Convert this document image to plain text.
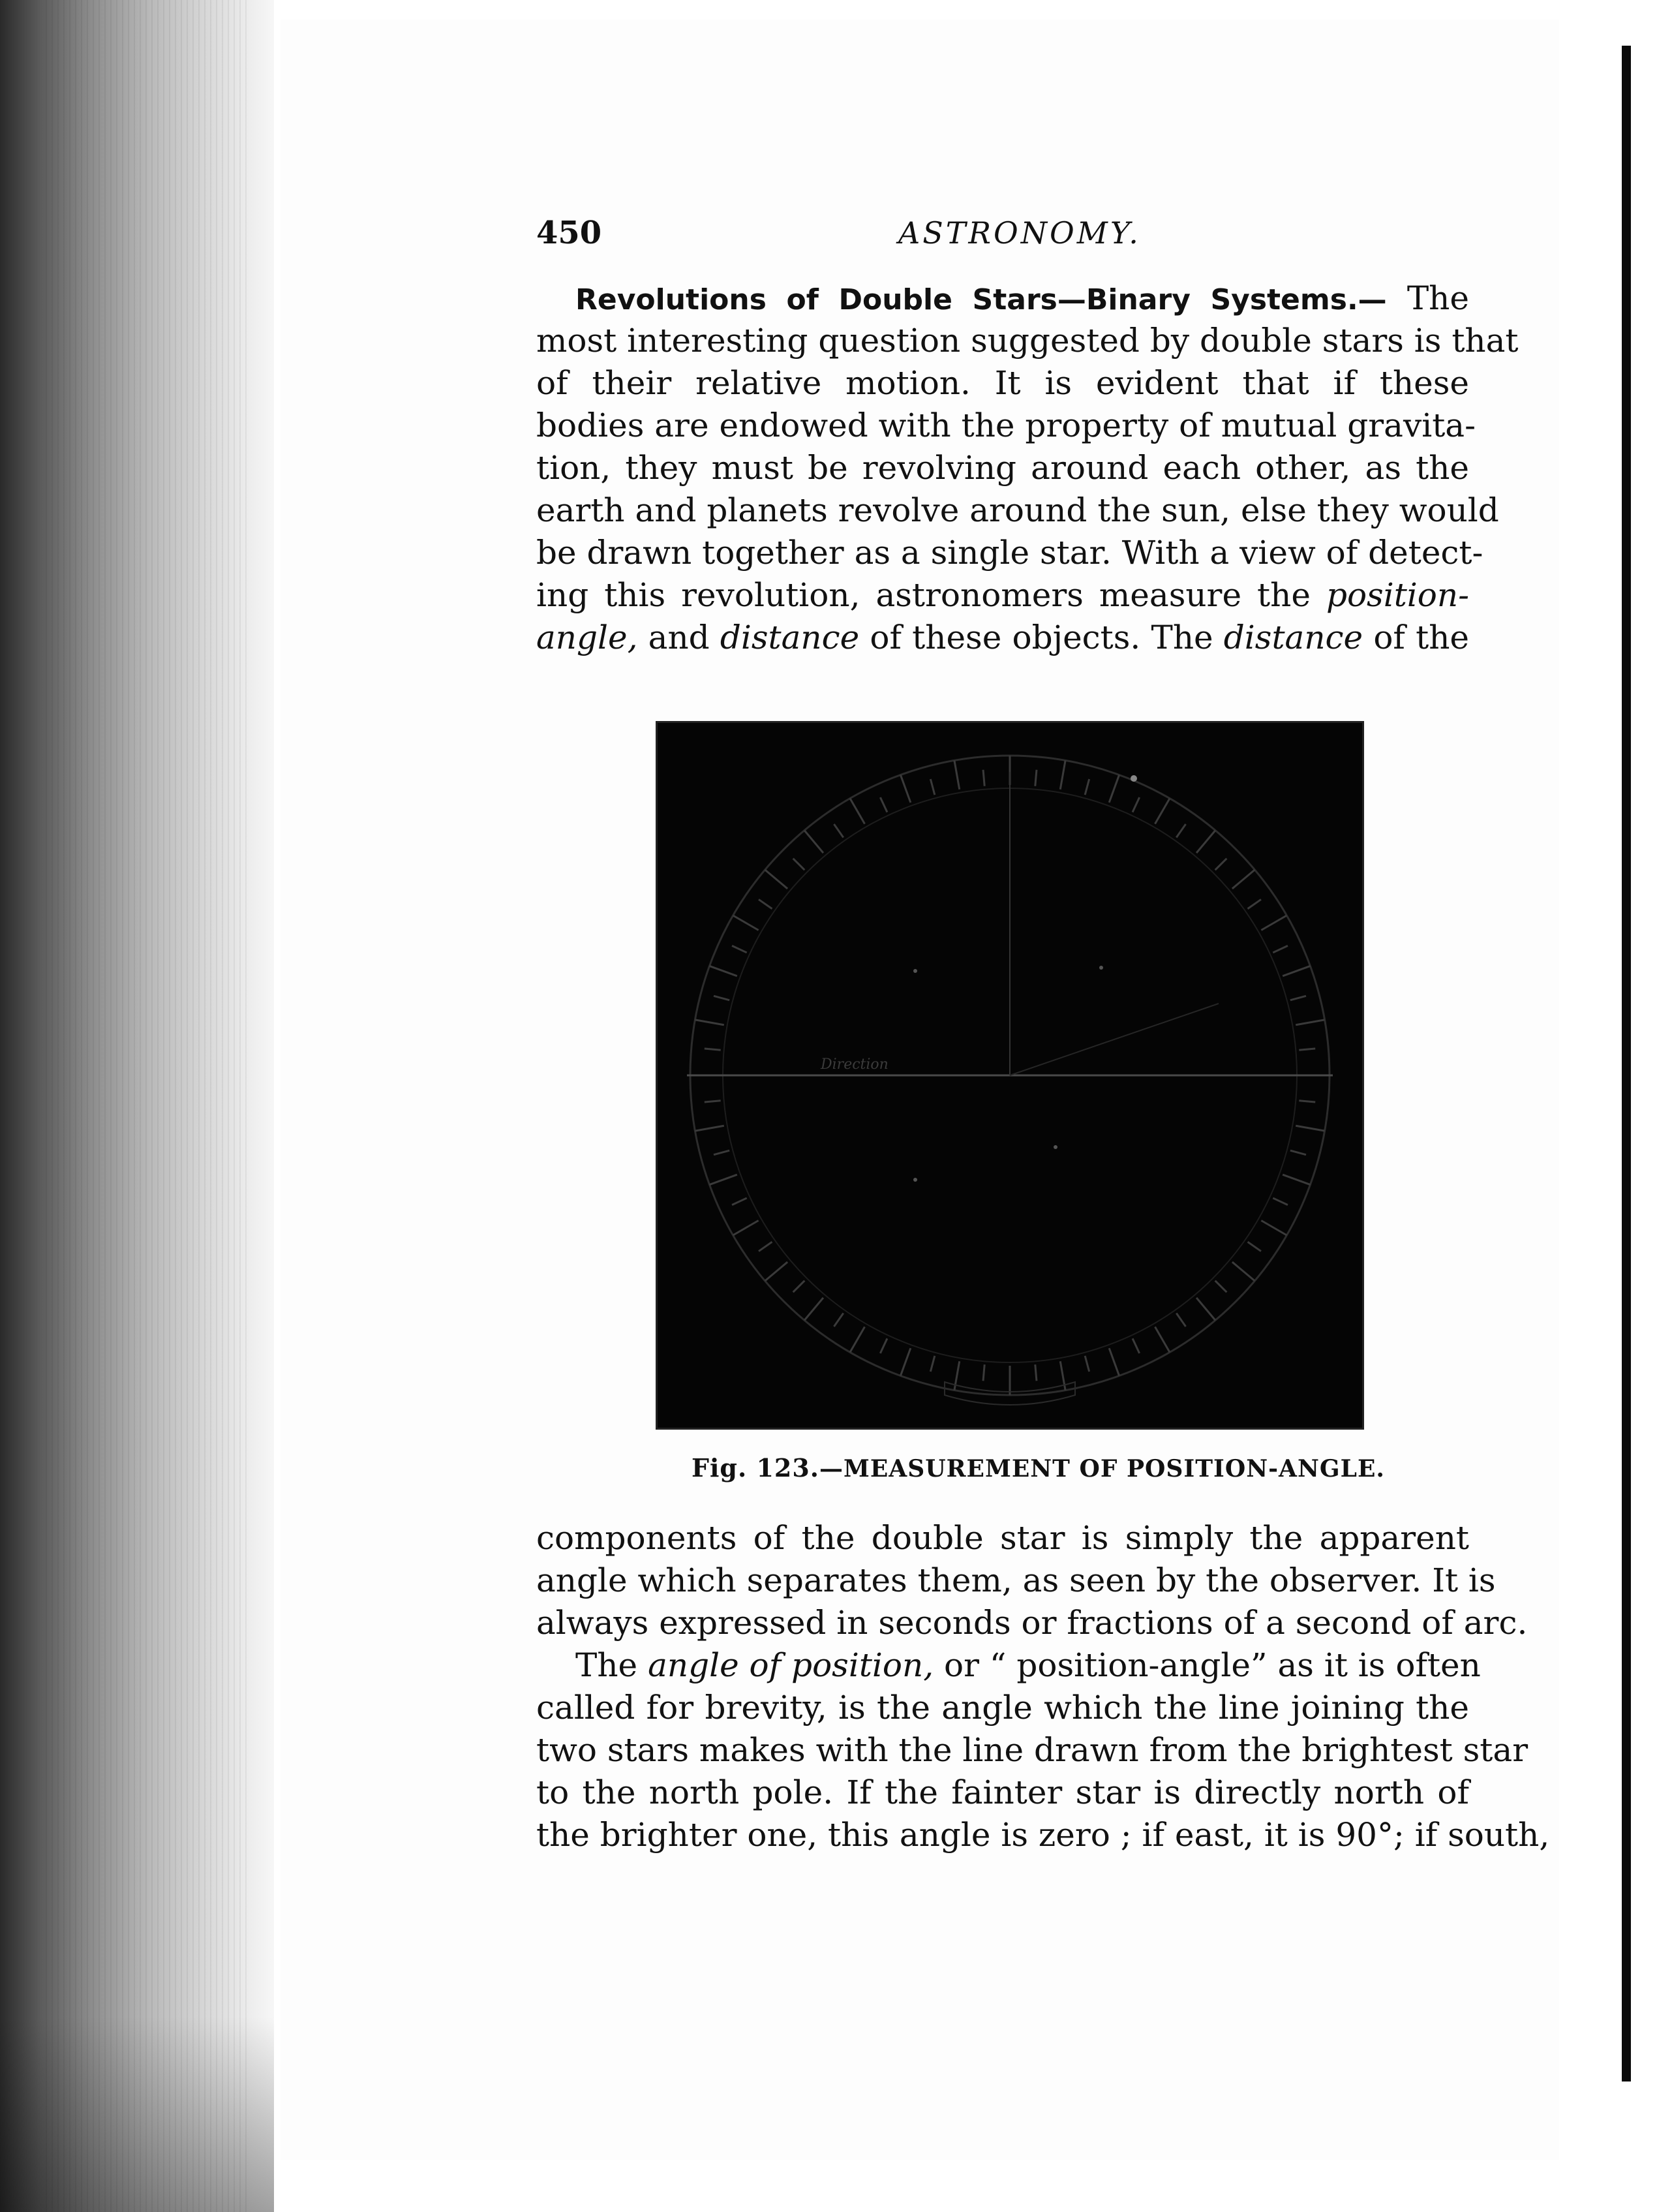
450	ASTRONOMY.
Revolutions of Double Stars—Binary Systems.— The
most interesting question suggested by double stars is that
of their relative motion. It is evident that if these
bodies are endowed with the property of mutual gravita-
tion, they must be revolving around each other, as the
earth and planets revolve around the sun, else they would
be drawn together as a single star. With a view of detect-
ing this revolution, astronomers measure the position-
angle, and distance of these objects. The distance of the
Direction
Fig. 123.—MEASUREMENT OF POSITION-ANGLE.
components of the double star is simply the apparent
angle which separates them, as seen by the observer. It is
always expressed in seconds or fractions of a second of arc.
The angle of position, or “ position-angle” as it is often
called for brevity, is the angle which the line joining the
two stars makes with the line drawn from the brightest star
to the north pole. If the fainter star is directly north of
the brighter one, this angle is zero ; if east, it is 90°; if south,
